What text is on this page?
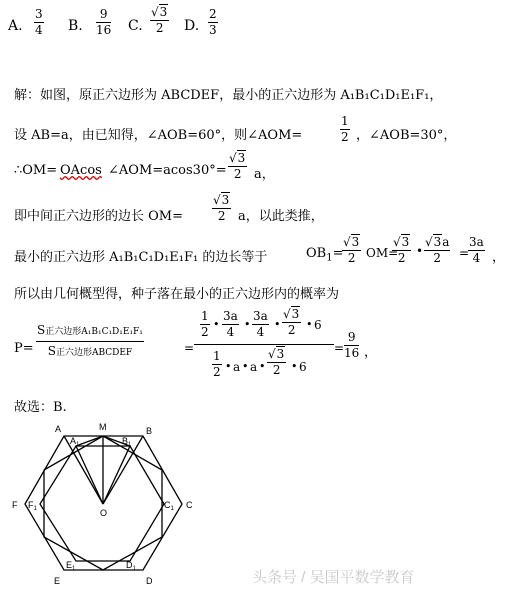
A.
3
4 B.
9
16 C.
√3
2 D.
2
3
解：如图，原正六边形为 ABCDEF，最小的正六边形为 A₁B₁C₁D₁E₁F₁，
设 AB=a，由已知得，∠AOB=60°，则∠AOM=
1
2 ，∠AOB=30°，
∴OM= OAcos ∠AOM=acos30°=
√3
2 a，
即中间正六边形的边长 OM=
√3
2 a，以此类推，
最小的正六边形 A₁B₁C₁D₁E₁F₁ 的边长等于	$OB_1=$
√3
2 OM=
√3
2 •
√3a
2 =
3a
4 ，
所以由几何概型得，种子落在最小的正六边形内的概率为
P=
S正六边形A₁B₁C₁D₁E₁F₁
S正六边形ABCDEF	=
1
2
•
3a
4
•
3a
4
•
√3
2 • 6
1
2 • a • a •
√3
2 • 6
=
9
16 ，
故选：B.
A	M	B
$A_1$	$B_1$
F $F_1$	$C_1$ C
O
$E_1$	$D_1$
E	D	头条号 / 吴国平数学教育
